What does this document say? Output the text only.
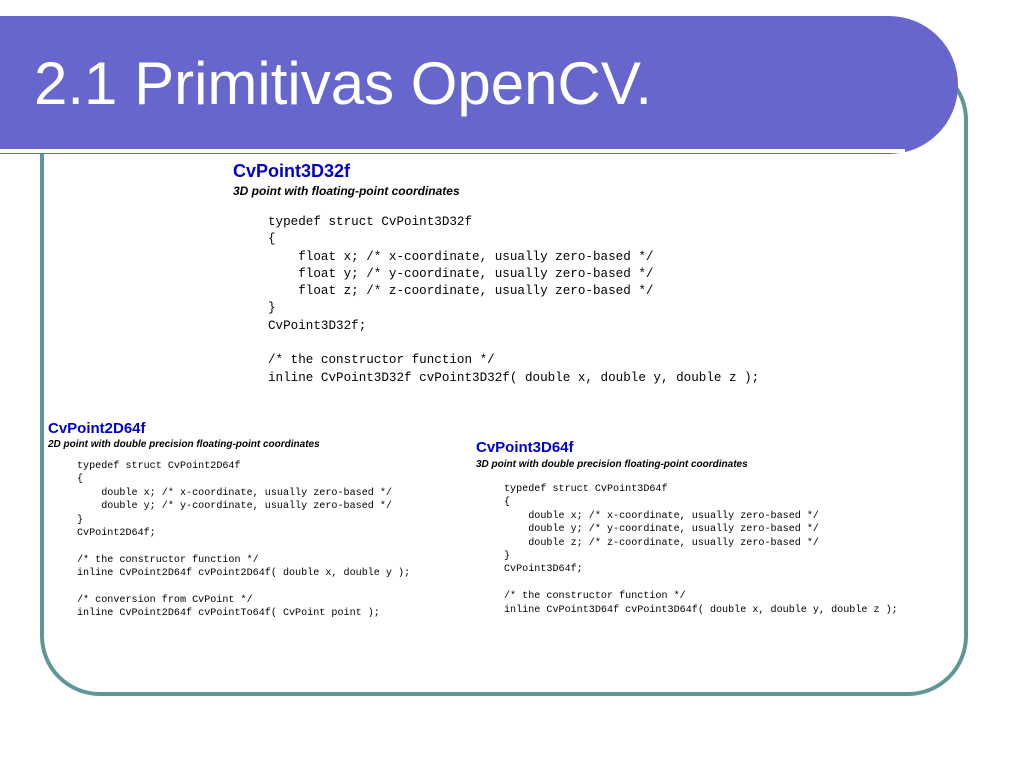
2.1 Primitivas OpenCV.
CvPoint3D32f
3D point with floating-point coordinates
typedef struct CvPoint3D32f
{
float x; /* x-coordinate, usually zero-based */
float y; /* y-coordinate, usually zero-based */
float z; /* z-coordinate, usually zero-based */
}
CvPoint3D32f;

/* the constructor function */
inline CvPoint3D32f cvPoint3D32f( double x, double y, double z );
CvPoint2D64f
2D point with double precision floating-point coordinates
typedef struct CvPoint2D64f
{
double x; /* x-coordinate, usually zero-based */
double y; /* y-coordinate, usually zero-based */
}
CvPoint2D64f;

/* the constructor function */
inline CvPoint2D64f cvPoint2D64f( double x, double y );

/* conversion from CvPoint */
inline CvPoint2D64f cvPointTo64f( CvPoint point );
CvPoint3D64f
3D point with double precision floating-point coordinates
typedef struct CvPoint3D64f
{
double x; /* x-coordinate, usually zero-based */
double y; /* y-coordinate, usually zero-based */
double z; /* z-coordinate, usually zero-based */
}
CvPoint3D64f;

/* the constructor function */
inline CvPoint3D64f cvPoint3D64f( double x, double y, double z );
